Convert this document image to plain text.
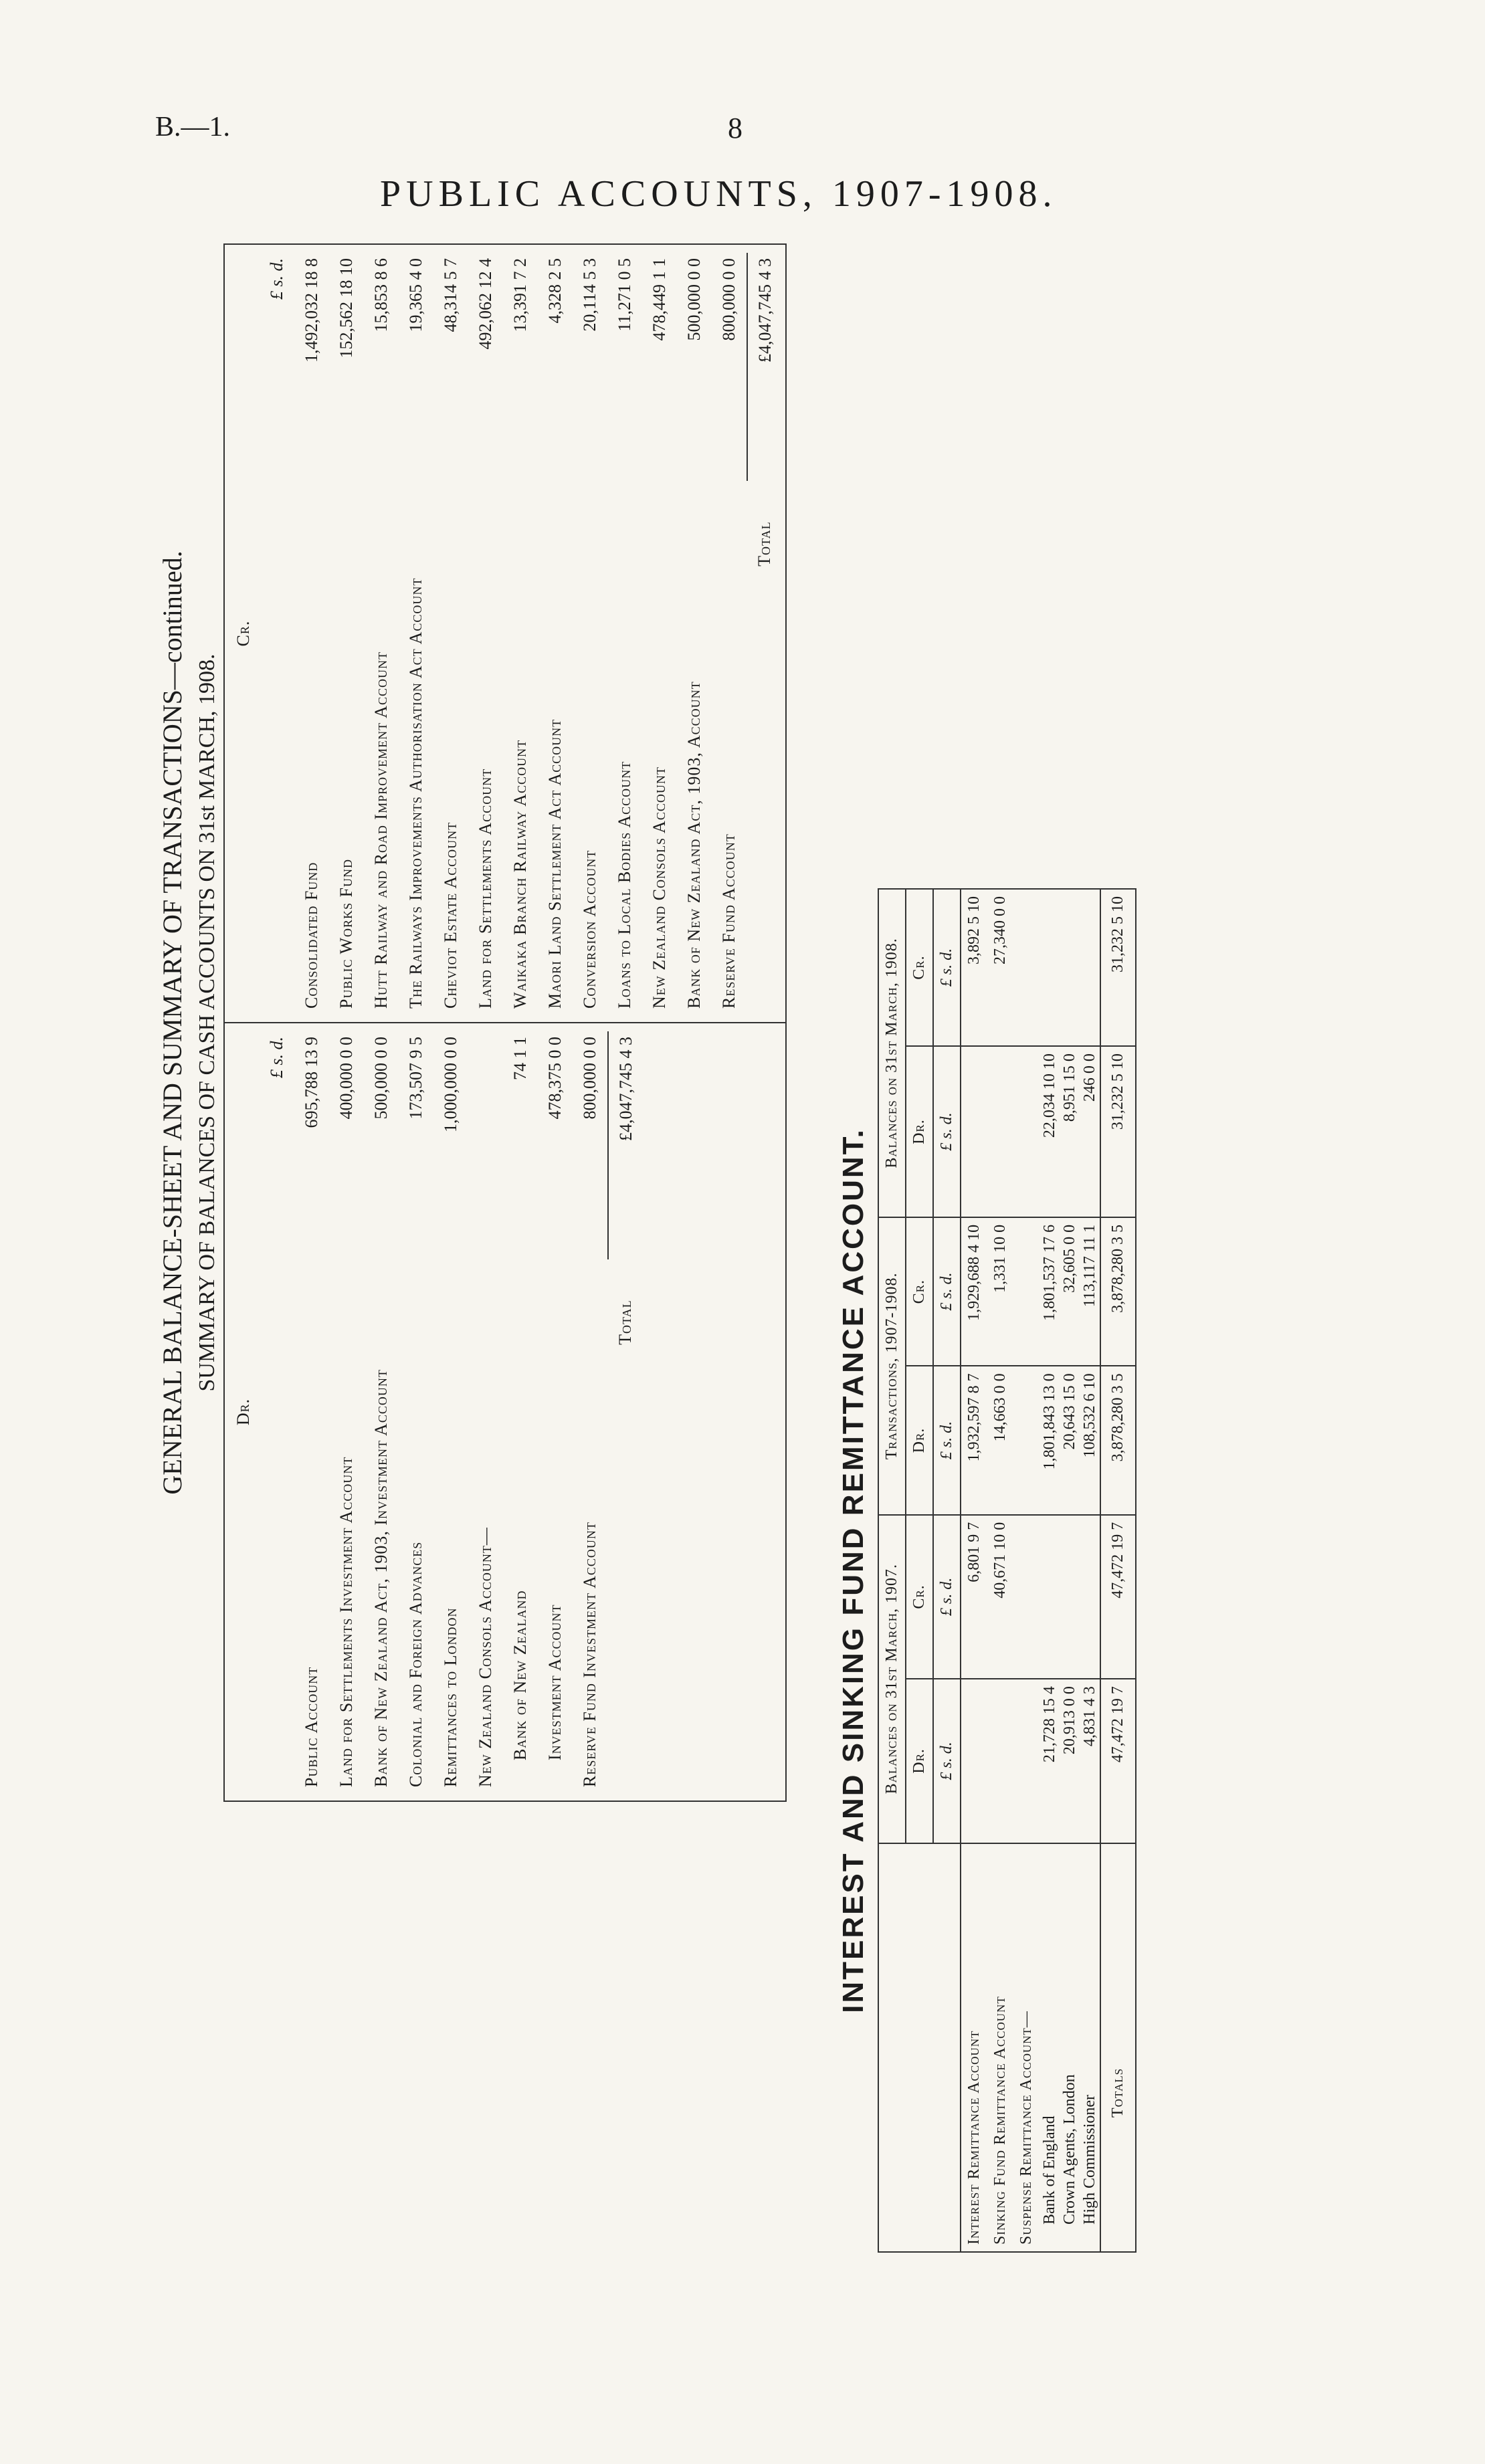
B.—1.	8
PUBLIC ACCOUNTS, 1907-1908.
GENERAL BALANCE-SHEET AND SUMMARY OF TRANSACTIONS—continued. SUMMARY OF BALANCES OF CASH ACCOUNTS ON 31st MARCH, 1908.
Dr.
	£ s. d.
Public Account	695,788 13 9
Land for Settlements Investment Account	400,000 0 0
Bank of New Zealand Act, 1903, Investment Account	500,000 0 0
Colonial and Foreign Advances	173,507 9 5
Remittances to London	1,000,000 0 0
New Zealand Consols Account—	Bank of New Zealand	74 1 1
Investment Account	478,375 0 0
Reserve Fund Investment Account	800,000 0 0
Total	£4,047,745 4 3

Cr.
	£ s. d.
Consolidated Fund	1,492,032 18 8
Public Works Fund	152,562 18 10
Hutt Railway and Road Improvement Account	15,853 8 6
The Railways Improvements Authorisation Act Account	19,365 4 0
Cheviot Estate Account	48,314 5 7
Land for Settlements Account	492,062 12 4
Waikaka Branch Railway Account	13,391 7 2
Maori Land Settlement Act Account	4,328 2 5
Conversion Account	20,114 5 3
Loans to Local Bodies Account	11,271 0 5
New Zealand Consols Account	478,449 1 1
Bank of New Zealand Act, 1903, Account	500,000 0 0
Reserve Fund Account	800,000 0 0
Total	£4,047,745 4 3
INTEREST AND SINKING FUND REMITTANCE ACCOUNT.
	Balances on 31st March, 1907.		Transactions, 1907-1908.		Balances on 31st March, 1908.	
	Dr.	Cr.	Dr.	Cr.	Dr.	Cr.
	£ s. d.	£ s. d.	£ s. d.	£ s. d.	£ s. d.	£ s. d.
Interest Remittance Account		6,801 9 7	1,932,597 8 7	1,929,688 4 10		3,892 5 10
Sinking Fund Remittance Account		40,671 10 0	14,663 0 0	1,331 10 0		27,340 0 0
Suspense Remittance Account—						
Bank of England	21,728 15 4		1,801,843 13 0	1,801,537 17 6	22,034 10 10	
Crown Agents, London	20,913 0 0		20,643 15 0	32,605 0 0	8,951 15 0	
High Commissioner	4,831 4 3		108,532 6 10	113,117 11 1	246 0 0	
Totals	47,472 19 7	47,472 19 7	3,878,280 3 5	3,878,280 3 5	31,232 5 10	31,232 5 10
